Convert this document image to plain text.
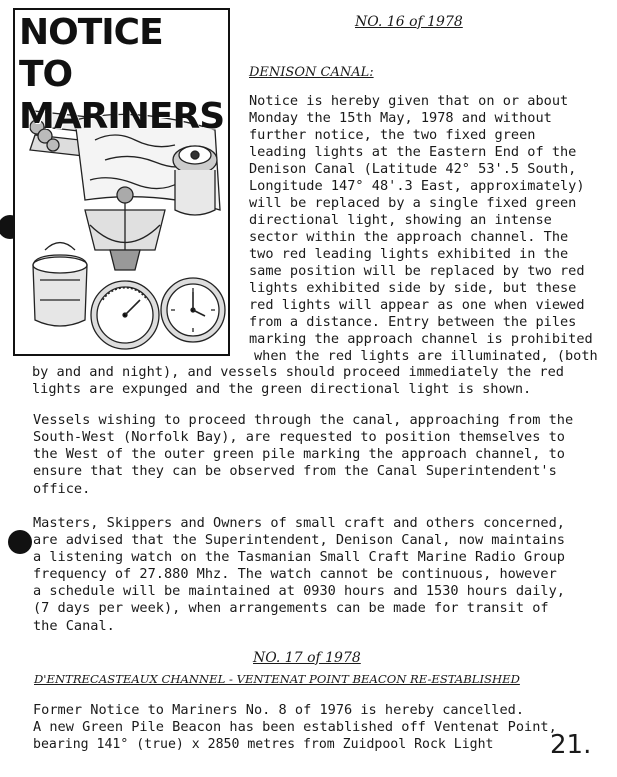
NOTICE TO
MARINERS
NO. 16 of 1978
DENISON CANAL:
Notice is hereby given that on or about
Monday the 15th May, 1978 and without
further notice, the two fixed green
leading lights at the Eastern End of the
Denison Canal (Latitude 42° 53'.5 South,
Longitude 147° 48'.3 East, approximately)
will be replaced by a single fixed green
directional light, showing an intense
sector within the approach channel. The
two red leading lights exhibited in the
same position will be replaced by two red
lights exhibited side by side, but these
red lights will appear as one when viewed
from a distance. Entry between the piles
marking the approach channel is prohibited
when the red lights are illuminated, (both
by and and night), and vessels should proceed immediately the red
lights are expunged and the green directional light is shown.
Vessels wishing to proceed through the canal, approaching from the
South-West (Norfolk Bay), are requested to position themselves to
the West of the outer green pile marking the approach channel, to
ensure that they can be observed from the Canal Superintendent's
office.
Masters, Skippers and Owners of small craft and others concerned,
are advised that the Superintendent, Denison Canal, now maintains
a listening watch on the Tasmanian Small Craft Marine Radio Group
frequency of 27.880 Mhz. The watch cannot be continuous, however
a schedule will be maintained at 0930 hours and 1530 hours daily,
(7 days per week), when arrangements can be made for transit of
the Canal.
NO. 17 of 1978
D'ENTRECASTEAUX CHANNEL - VENTENAT POINT BEACON RE-ESTABLISHED
Former Notice to Mariners No. 8 of 1976 is hereby cancelled.
A new Green Pile Beacon has been established off Ventenat Point,
bearing 141° (true) x 2850 metres from Zuidpool Rock Light 21.
